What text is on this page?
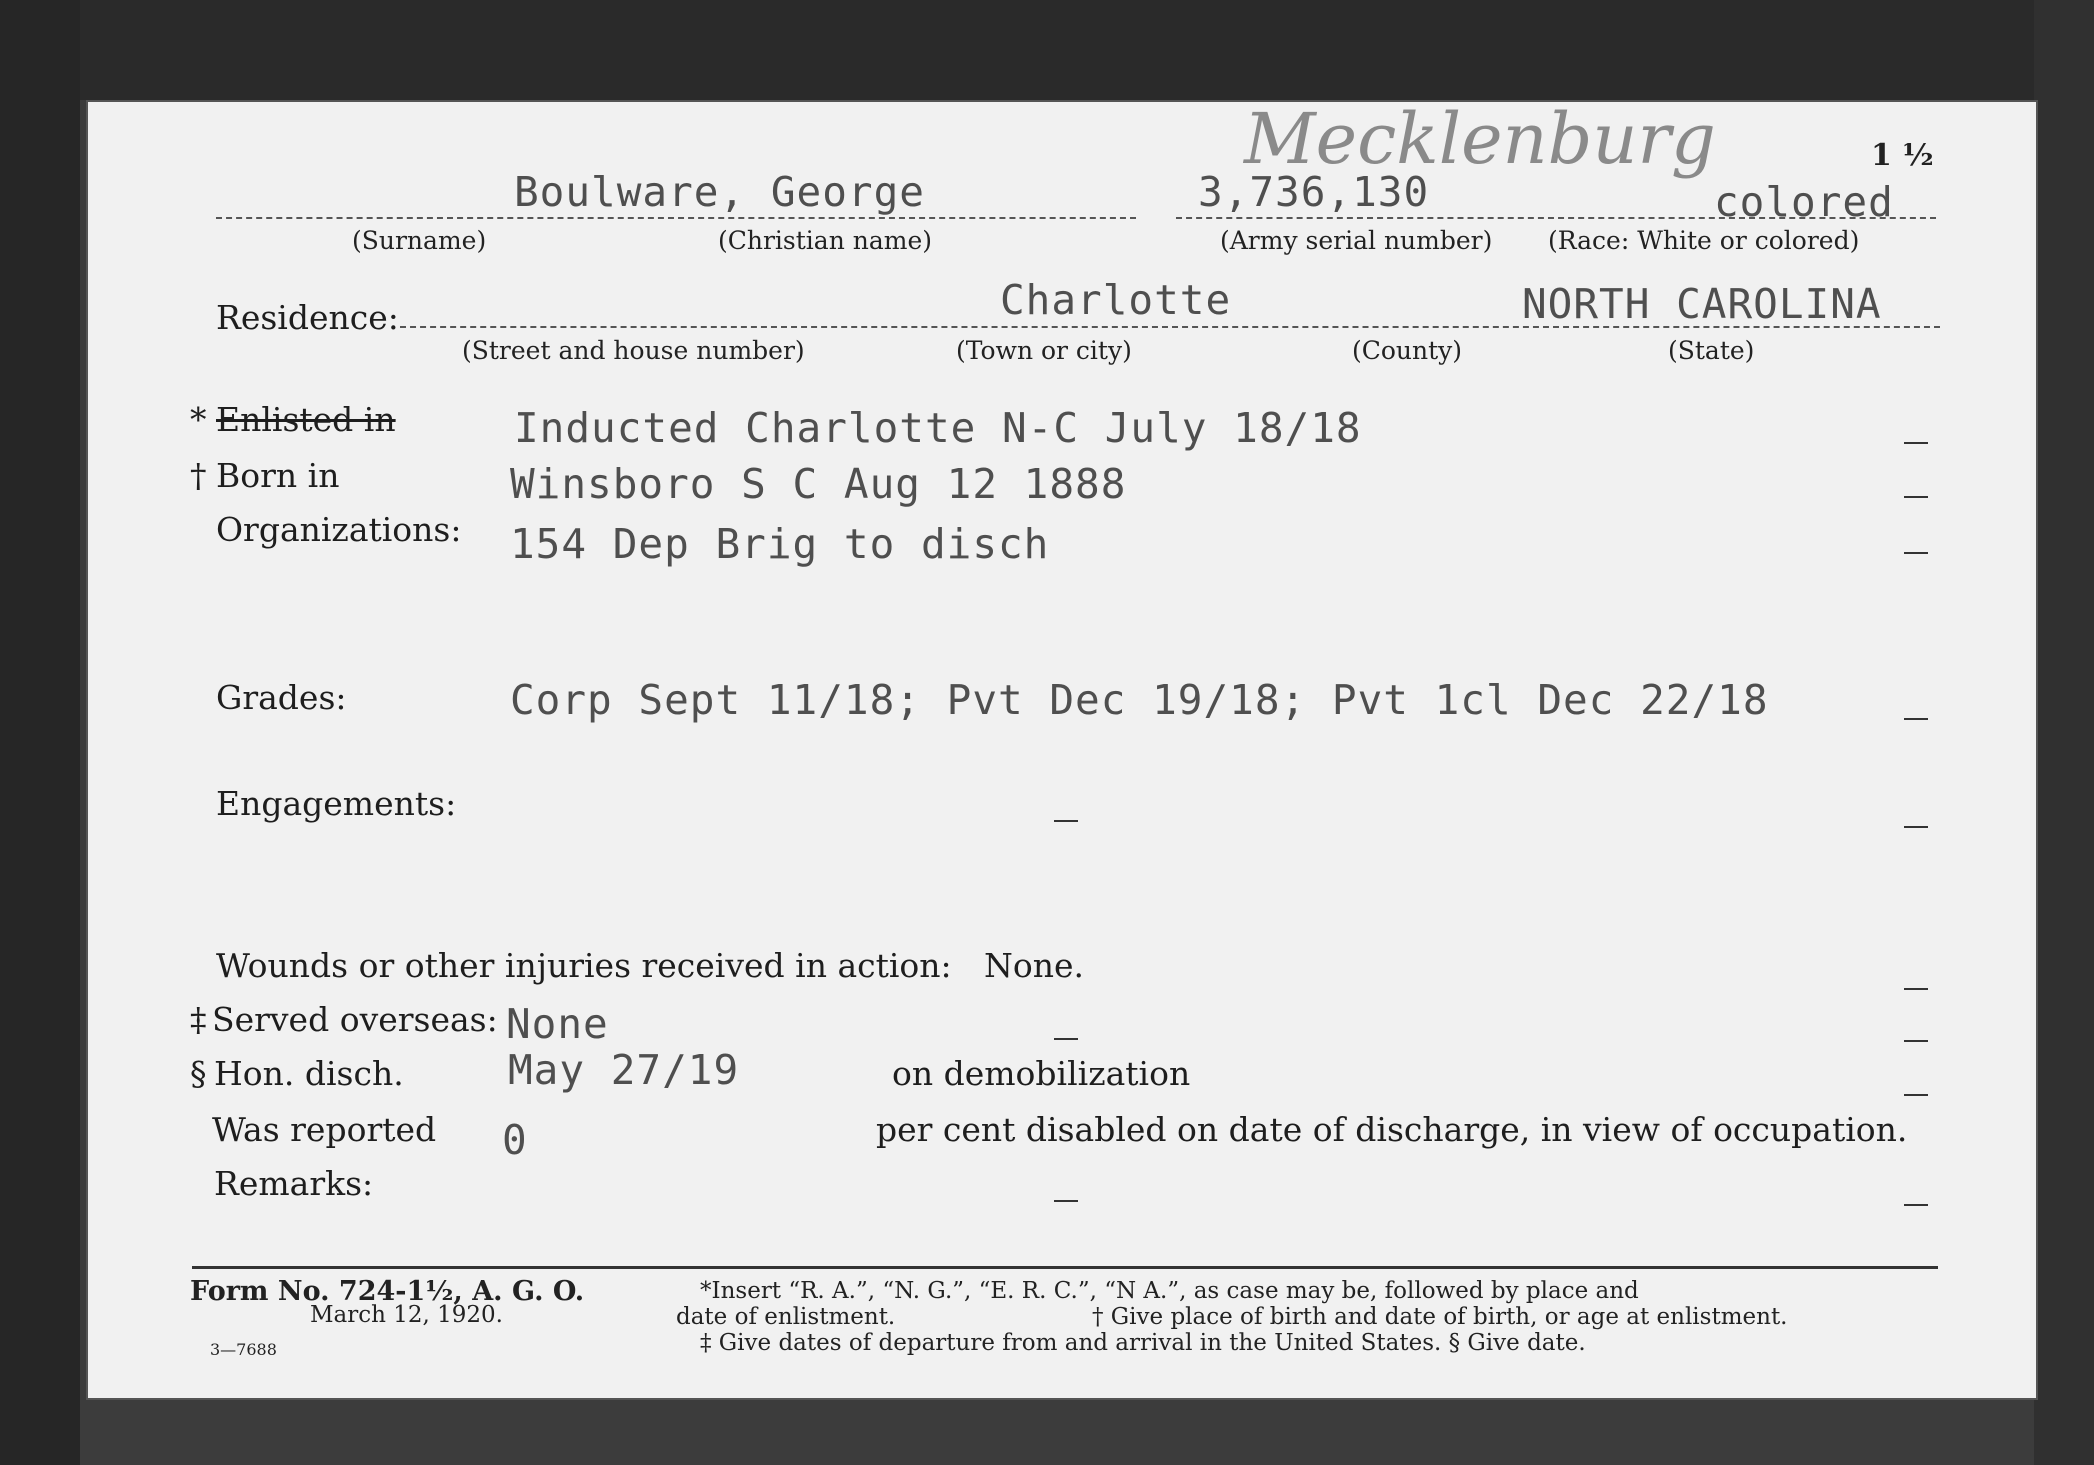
Mecklenburg	1 ½
Boulware, George	3,736,130	colored
(Surname)	(Christian name)	(Army serial number) (Race: White or colored)
Residence:	Charlotte	NORTH CAROLINA
(Street and house number)	(Town or city)	(County)	(State)
* Enlisted in	Inducted Charlotte N-C July 18/18
† Born in	Winsboro S C Aug 12 1888
Organizations: 154 Dep Brig to disch
Grades:	Corp Sept 11/18; Pvt Dec 19/18; Pvt 1cl Dec 22/18
Engagements:
Wounds or other injuries received in action: None.
‡ Served overseas: None
§ Hon. disch.	May 27/19	on demobilization
Was reported 0	per cent disabled on date of discharge, in view of occupation.
Remarks:
Form No. 724-1½, A. G. O.
March 12, 1920.
3—7688
*Insert “R. A.”, “N. G.”, “E. R. C.”, “N A.”, as case may be, followed by place and
date of enlistment.	† Give place of birth and date of birth, or age at enlistment.
‡ Give dates of departure from and arrival in the United States. § Give date.
